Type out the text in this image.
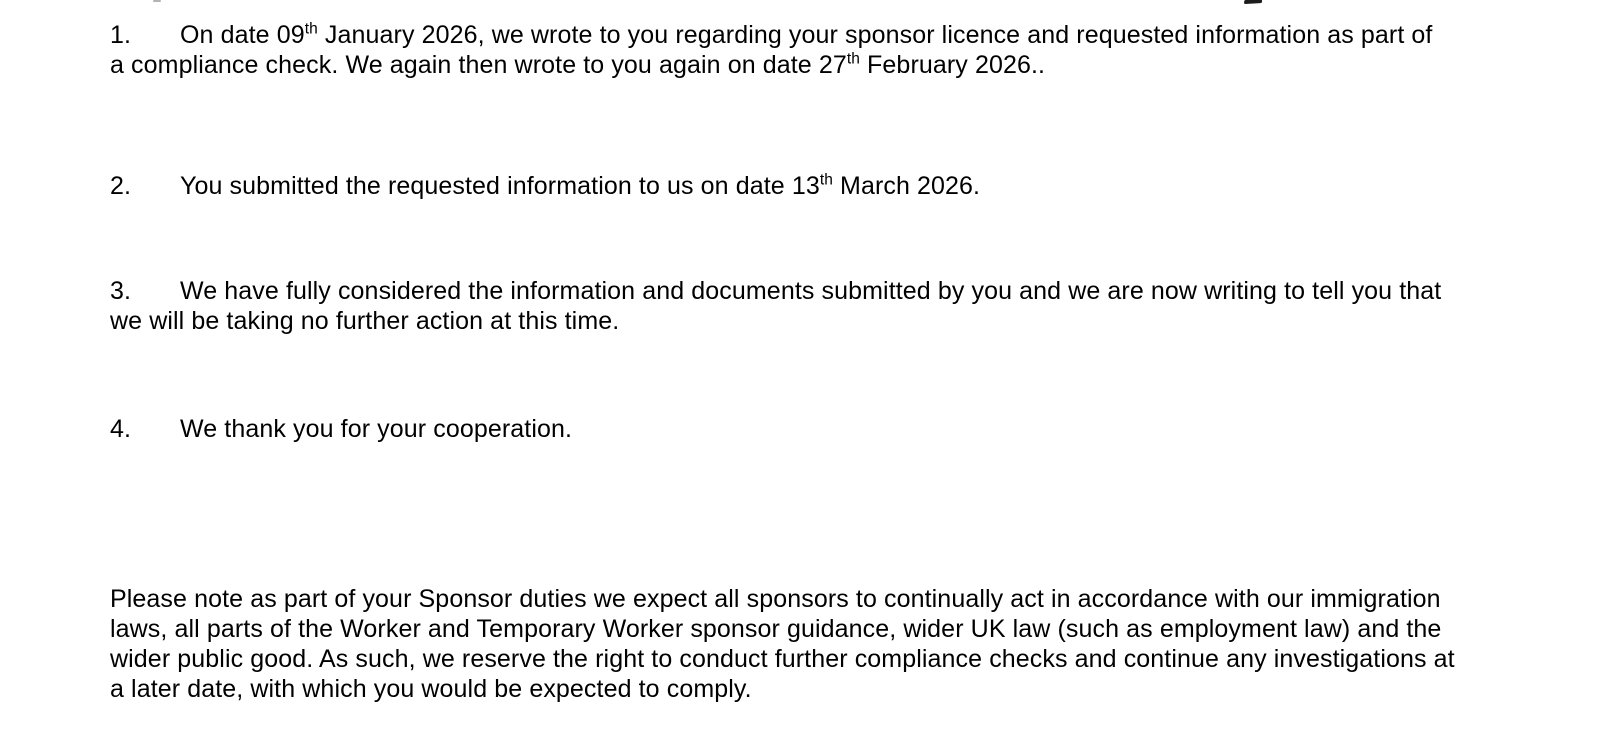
1. On date 09th January 2026, we wrote to you regarding your sponsor licence and requested information as part of
a compliance check. We again then wrote to you again on date 27th February 2026..

2. You submitted the requested information to us on date 13th March 2026.

3. We have fully considered the information and documents submitted by you and we are now writing to tell you that
we will be taking no further action at this time.

4. We thank you for your cooperation.

Please note as part of your Sponsor duties we expect all sponsors to continually act in accordance with our immigration
laws, all parts of the Worker and Temporary Worker sponsor guidance, wider UK law (such as employment law) and the
wider public good. As such, we reserve the right to conduct further compliance checks and continue any investigations at
a later date, with which you would be expected to comply.
